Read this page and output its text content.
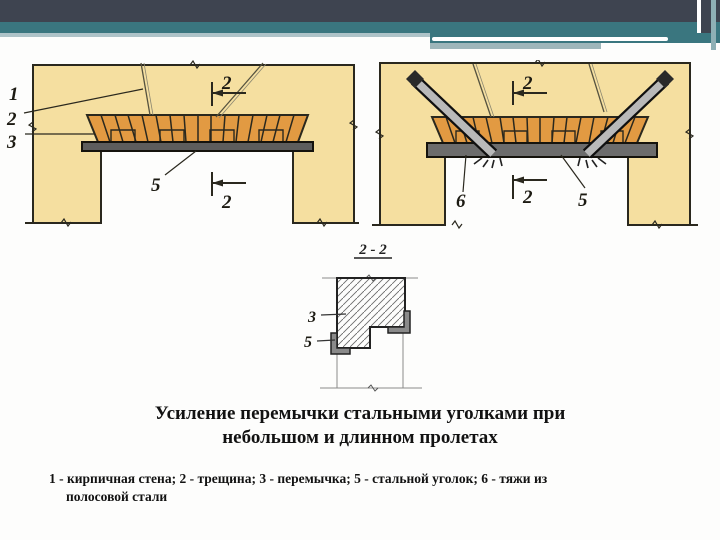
1
2
3
5
2
2
2
2
6	5
2 - 2
3
5
Усиление перемычки стальными уголками при
небольшом и длинном пролетах
1 - кирпичная стена; 2 - трещина; 3 - перемычка; 5 - стальной уголок; 6 - тяжи из
полосовой стали
